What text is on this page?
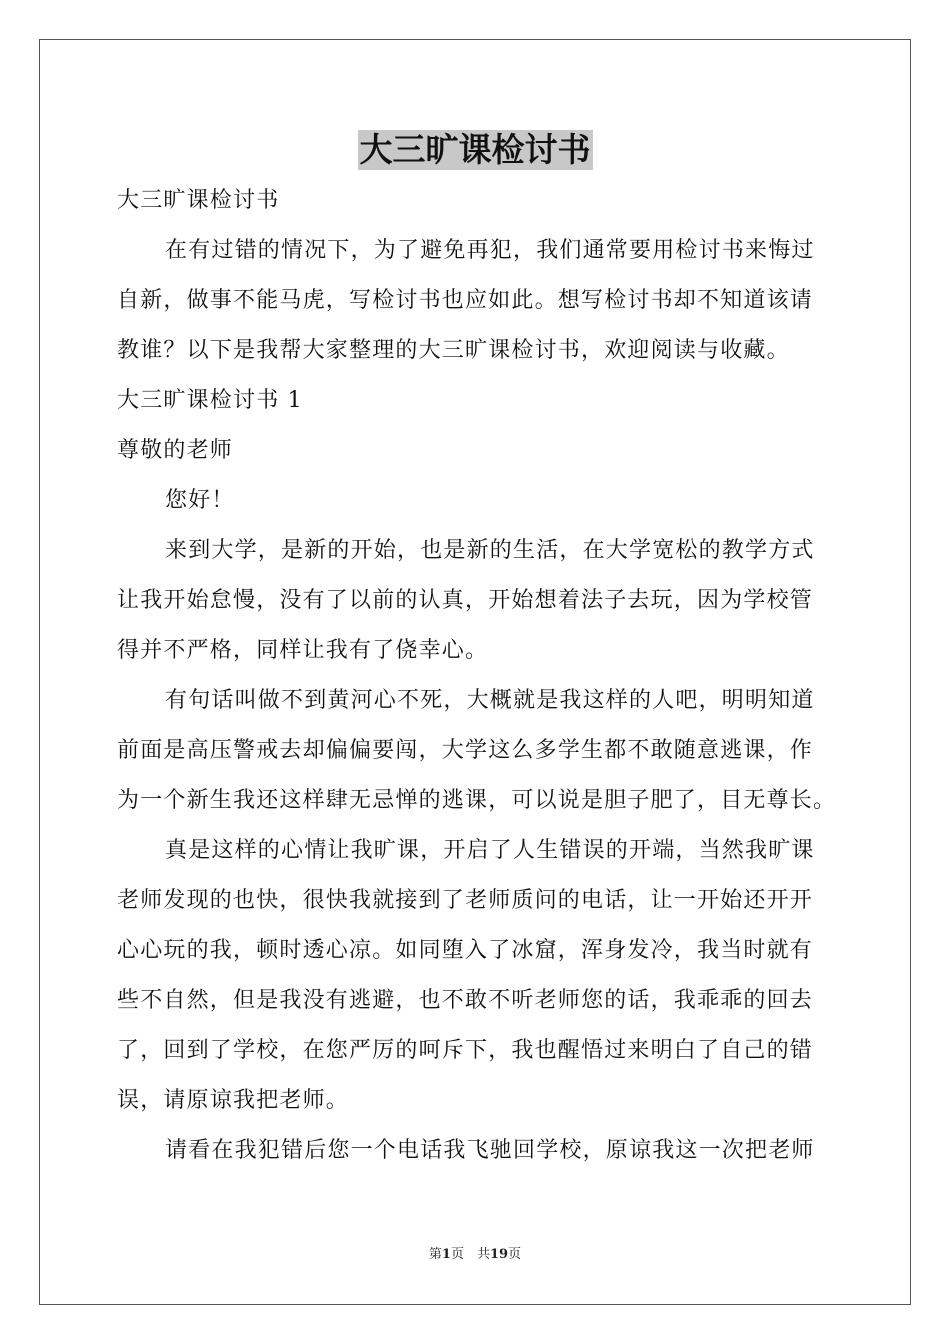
大三旷课检讨书
大三旷课检讨书
在有过错的情况下，为了避免再犯，我们通常要用检讨书来悔过
自新，做事不能马虎，写检讨书也应如此。想写检讨书却不知道该请
教谁？以下是我帮大家整理的大三旷课检讨书，欢迎阅读与收藏。
大三旷课检讨书 1
尊敬的老师
您好！
来到大学，是新的开始，也是新的生活，在大学宽松的教学方式
让我开始怠慢，没有了以前的认真，开始想着法子去玩，因为学校管
得并不严格，同样让我有了侥幸心。
有句话叫做不到黄河心不死，大概就是我这样的人吧，明明知道
前面是高压警戒去却偏偏要闯，大学这么多学生都不敢随意逃课，作
为一个新生我还这样肆无忌惮的逃课，可以说是胆子肥了，目无尊长。
真是这样的心情让我旷课，开启了人生错误的开端，当然我旷课
老师发现的也快，很快我就接到了老师质问的电话，让一开始还开开
心心玩的我，顿时透心凉。如同堕入了冰窟，浑身发冷，我当时就有
些不自然，但是我没有逃避，也不敢不听老师您的话，我乖乖的回去
了，回到了学校，在您严厉的呵斥下，我也醒悟过来明白了自己的错
误，请原谅我把老师。
请看在我犯错后您一个电话我飞驰回学校，原谅我这一次把老师
第1页　共19页
